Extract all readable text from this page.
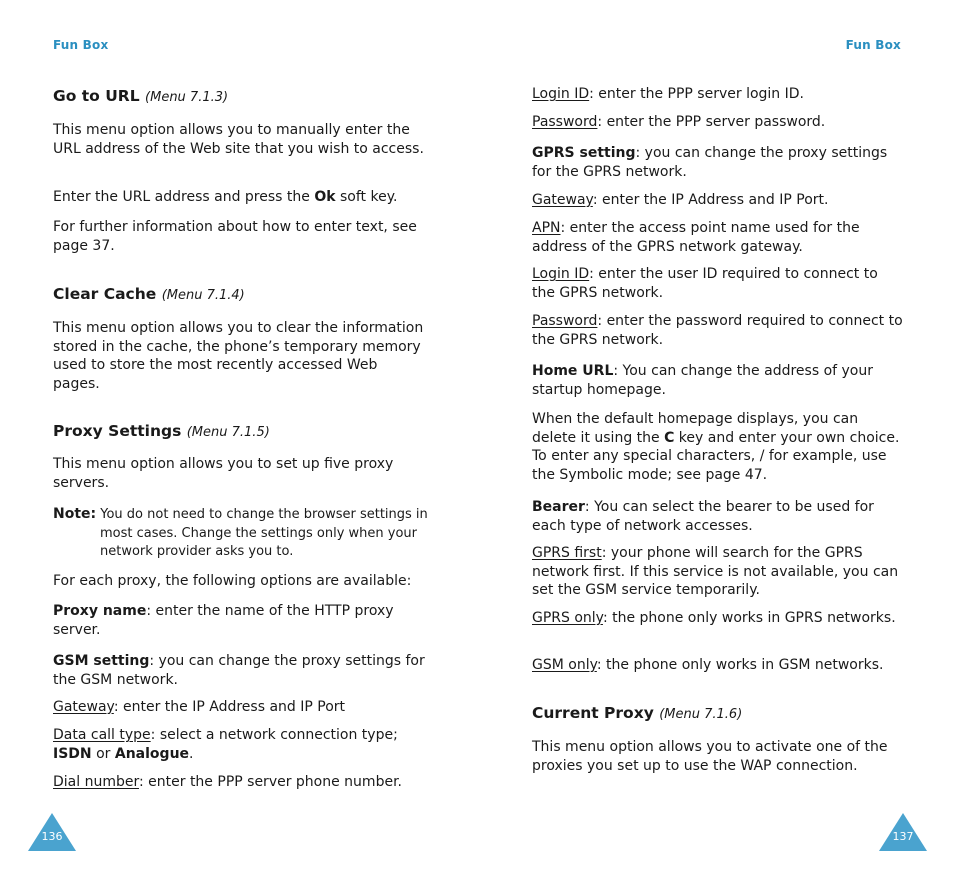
Fun Box	Fun Box
Go to URL (Menu 7.1.3)

This menu option allows you to manually enter the URL address of the Web site that you wish to access.

Enter the URL address and press the Ok soft key.

For further information about how to enter text, see page 37.

Clear Cache (Menu 7.1.4)

This menu option allows you to clear the information stored in the cache, the phone’s temporary memory used to store the most recently accessed Web pages.

Proxy Settings (Menu 7.1.5)

This menu option allows you to set up five proxy servers.

Note: You do not need to change the browser settings in most cases. Change the settings only when your network provider asks you to.

For each proxy, the following options are available:

Proxy name: enter the name of the HTTP proxy server.

GSM setting: you can change the proxy settings for the GSM network.

Gateway: enter the IP Address and IP Port

Data call type: select a network connection type; ISDN or Analogue.

Dial number: enter the PPP server phone number.

Login ID: enter the PPP server login ID.

Password: enter the PPP server password.

GPRS setting: you can change the proxy settings for the GPRS network.

Gateway: enter the IP Address and IP Port.

APN: enter the access point name used for the address of the GPRS network gateway.

Login ID: enter the user ID required to connect to the GPRS network.

Password: enter the password required to connect to the GPRS network.

Home URL: You can change the address of your startup homepage.

When the default homepage displays, you can delete it using the C key and enter your own choice. To enter any special characters, / for example, use the Symbolic mode; see page 47.

Bearer: You can select the bearer to be used for each type of network accesses.

GPRS first: your phone will search for the GPRS network first. If this service is not available, you can set the GSM service temporarily.

GPRS only: the phone only works in GPRS networks.

GSM only: the phone only works in GSM networks.

Current Proxy (Menu 7.1.6)

This menu option allows you to activate one of the proxies you set up to use the WAP connection.

136	137
